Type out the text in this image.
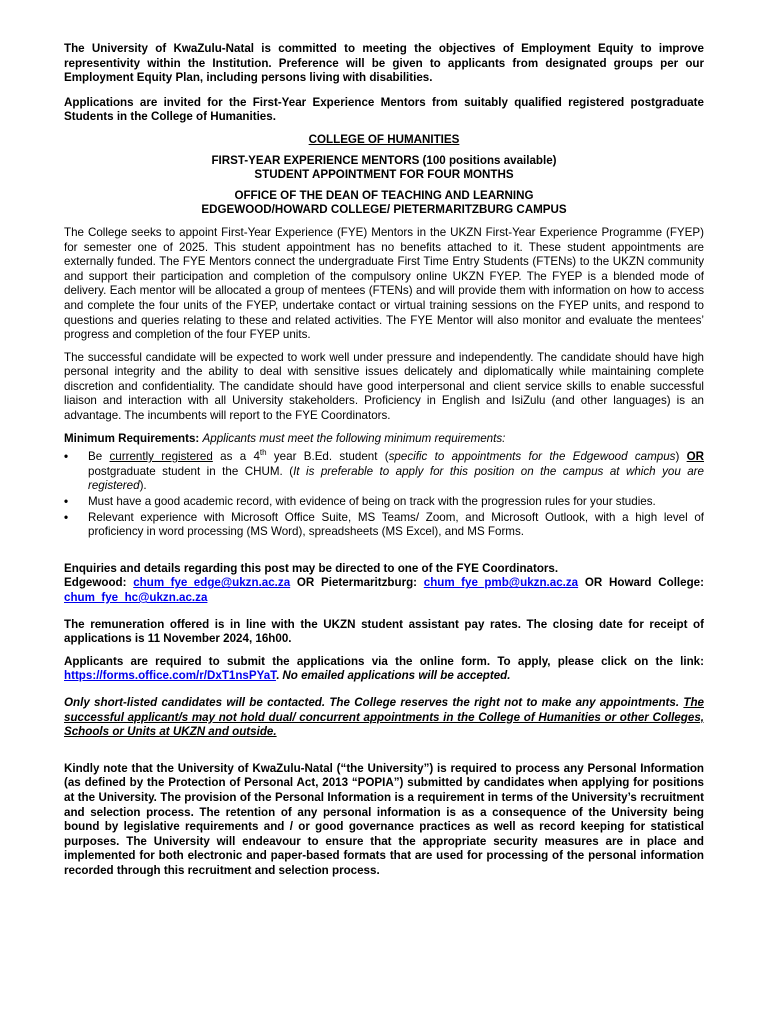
The University of KwaZulu-Natal is committed to meeting the objectives of Employment Equity to improve representivity within the Institution. Preference will be given to applicants from designated groups per our Employment Equity Plan, including persons living with disabilities.

Applications are invited for the First-Year Experience Mentors from suitably qualified registered postgraduate Students in the College of Humanities.

COLLEGE OF HUMANITIES
FIRST-YEAR EXPERIENCE MENTORS (100 positions available)
STUDENT APPOINTMENT FOR FOUR MONTHS
OFFICE OF THE DEAN OF TEACHING AND LEARNING
EDGEWOOD/HOWARD COLLEGE/ PIETERMARITZBURG CAMPUS

The College seeks to appoint First-Year Experience (FYE) Mentors in the UKZN First-Year Experience Programme (FYEP) for semester one of 2025. This student appointment has no benefits attached to it. These student appointments are externally funded. The FYE Mentors connect the undergraduate First Time Entry Students (FTENs) to the UKZN community and support their participation and completion of the compulsory online UKZN FYEP. The FYEP is a blended mode of delivery. Each mentor will be allocated a group of mentees (FTENs) and will provide them with information on how to access and complete the four units of the FYEP, undertake contact or virtual training sessions on the FYEP units, and respond to questions and queries relating to these and related activities. The FYE Mentor will also monitor and evaluate the mentees’ progress and completion of the four FYEP units.

The successful candidate will be expected to work well under pressure and independently. The candidate should have high personal integrity and the ability to deal with sensitive issues delicately and diplomatically while maintaining complete discretion and confidentiality. The candidate should have good interpersonal and client service skills to enable successful liaison and interaction with all University stakeholders. Proficiency in English and IsiZulu (and other languages) is an advantage. The incumbents will report to the FYE Coordinators.

Minimum Requirements: Applicants must meet the following minimum requirements:

• Be currently registered as a 4th year B.Ed. student (specific to appointments for the Edgewood campus) OR postgraduate student in the CHUM. (It is preferable to apply for this position on the campus at which you are registered).
• Must have a good academic record, with evidence of being on track with the progression rules for your studies.
• Relevant experience with Microsoft Office Suite, MS Teams/ Zoom, and Microsoft Outlook, with a high level of proficiency in word processing (MS Word), spreadsheets (MS Excel), and MS Forms.

Enquiries and details regarding this post may be directed to one of the FYE Coordinators.
Edgewood: chum_fye_edge@ukzn.ac.za OR Pietermaritzburg: chum_fye_pmb@ukzn.ac.za OR Howard College: chum_fye_hc@ukzn.ac.za

The remuneration offered is in line with the UKZN student assistant pay rates. The closing date for receipt of applications is 11 November 2024, 16h00.

Applicants are required to submit the applications via the online form. To apply, please click on the link: https://forms.office.com/r/DxT1nsPYaT. No emailed applications will be accepted.

Only short-listed candidates will be contacted. The College reserves the right not to make any appointments. The successful applicant/s may not hold dual/ concurrent appointments in the College of Humanities or other Colleges, Schools or Units at UKZN and outside.

Kindly note that the University of KwaZulu-Natal (“the University”) is required to process any Personal Information (as defined by the Protection of Personal Act, 2013 “POPIA”) submitted by candidates when applying for positions at the University. The provision of the Personal Information is a requirement in terms of the University’s recruitment and selection process. The retention of any personal information is as a consequence of the University being bound by legislative requirements and / or good governance practices as well as record keeping for statistical purposes. The University will endeavour to ensure that the appropriate security measures are in place and implemented for both electronic and paper-based formats that are used for processing of the personal information recorded through this recruitment and selection process.
